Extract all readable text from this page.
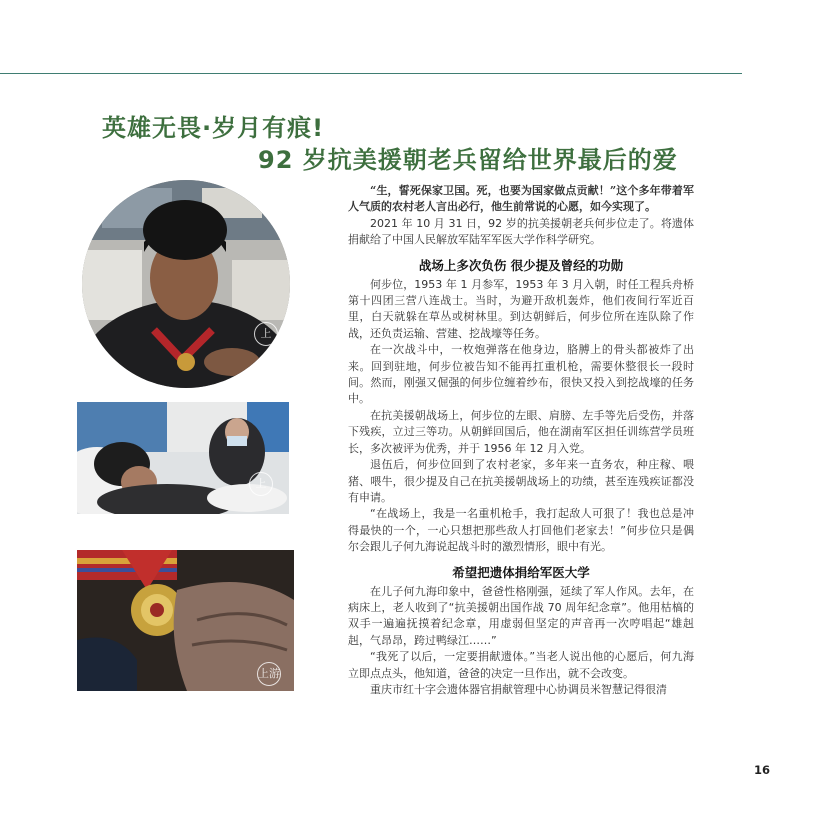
英雄无畏·岁月有痕!
92 岁抗美援朝老兵留给世界最后的爱
上
上
上游

“生，誓死保家卫国。死，也要为国家做点贡献！”这个多年带着军人气质的农村老人言出必行，他生前常说的心愿，如今实现了。

2021 年 10 月 31 日，92 岁的抗美援朝老兵何步位走了。将遗体捐献给了中国人民解放军陆军军医大学作科学研究。

战场上多次负伤 很少提及曾经的功勋

何步位，1953 年 1 月参军，1953 年 3 月入朝，时任工程兵舟桥第十四团三营八连战士。当时，为避开敌机轰炸，他们夜间行军近百里，白天就躲在草丛或树林里。到达朝鲜后，何步位所在连队除了作战，还负责运输、营建、挖战壕等任务。

在一次战斗中，一枚炮弹落在他身边，胳膊上的骨头都被炸了出来。回到驻地，何步位被告知不能再扛重机枪，需要休整很长一段时间。然而，刚强又倔强的何步位缠着纱布，很快又投入到挖战壕的任务中。

在抗美援朝战场上，何步位的左眼、肩膀、左手等先后受伤，并落下残疾，立过三等功。从朝鲜回国后，他在湖南军区担任训练营学员班长，多次被评为优秀，并于 1956 年 12 月入党。

退伍后，何步位回到了农村老家，多年来一直务农，种庄稼、喂猪、喂牛，很少提及自己在抗美援朝战场上的功绩，甚至连残疾证都没有申请。

“在战场上，我是一名重机枪手，我打起敌人可狠了！我也总是冲得最快的一个，一心只想把那些敌人打回他们老家去！”何步位只是偶尔会跟儿子何九海说起战斗时的激烈情形，眼中有光。

希望把遗体捐给军医大学

在儿子何九海印象中，爸爸性格刚强，延续了军人作风。去年，在病床上，老人收到了“抗美援朝出国作战 70 周年纪念章”。他用枯槁的双手一遍遍抚摸着纪念章，用虚弱但坚定的声音再一次哼唱起“雄赳赳，气昂昂，跨过鸭绿江……”

“我死了以后，一定要捐献遗体。”当老人说出他的心愿后，何九海立即点点头，他知道，爸爸的决定一旦作出，就不会改变。

重庆市红十字会遗体器官捐献管理中心协调员米智慧记得很清

16
